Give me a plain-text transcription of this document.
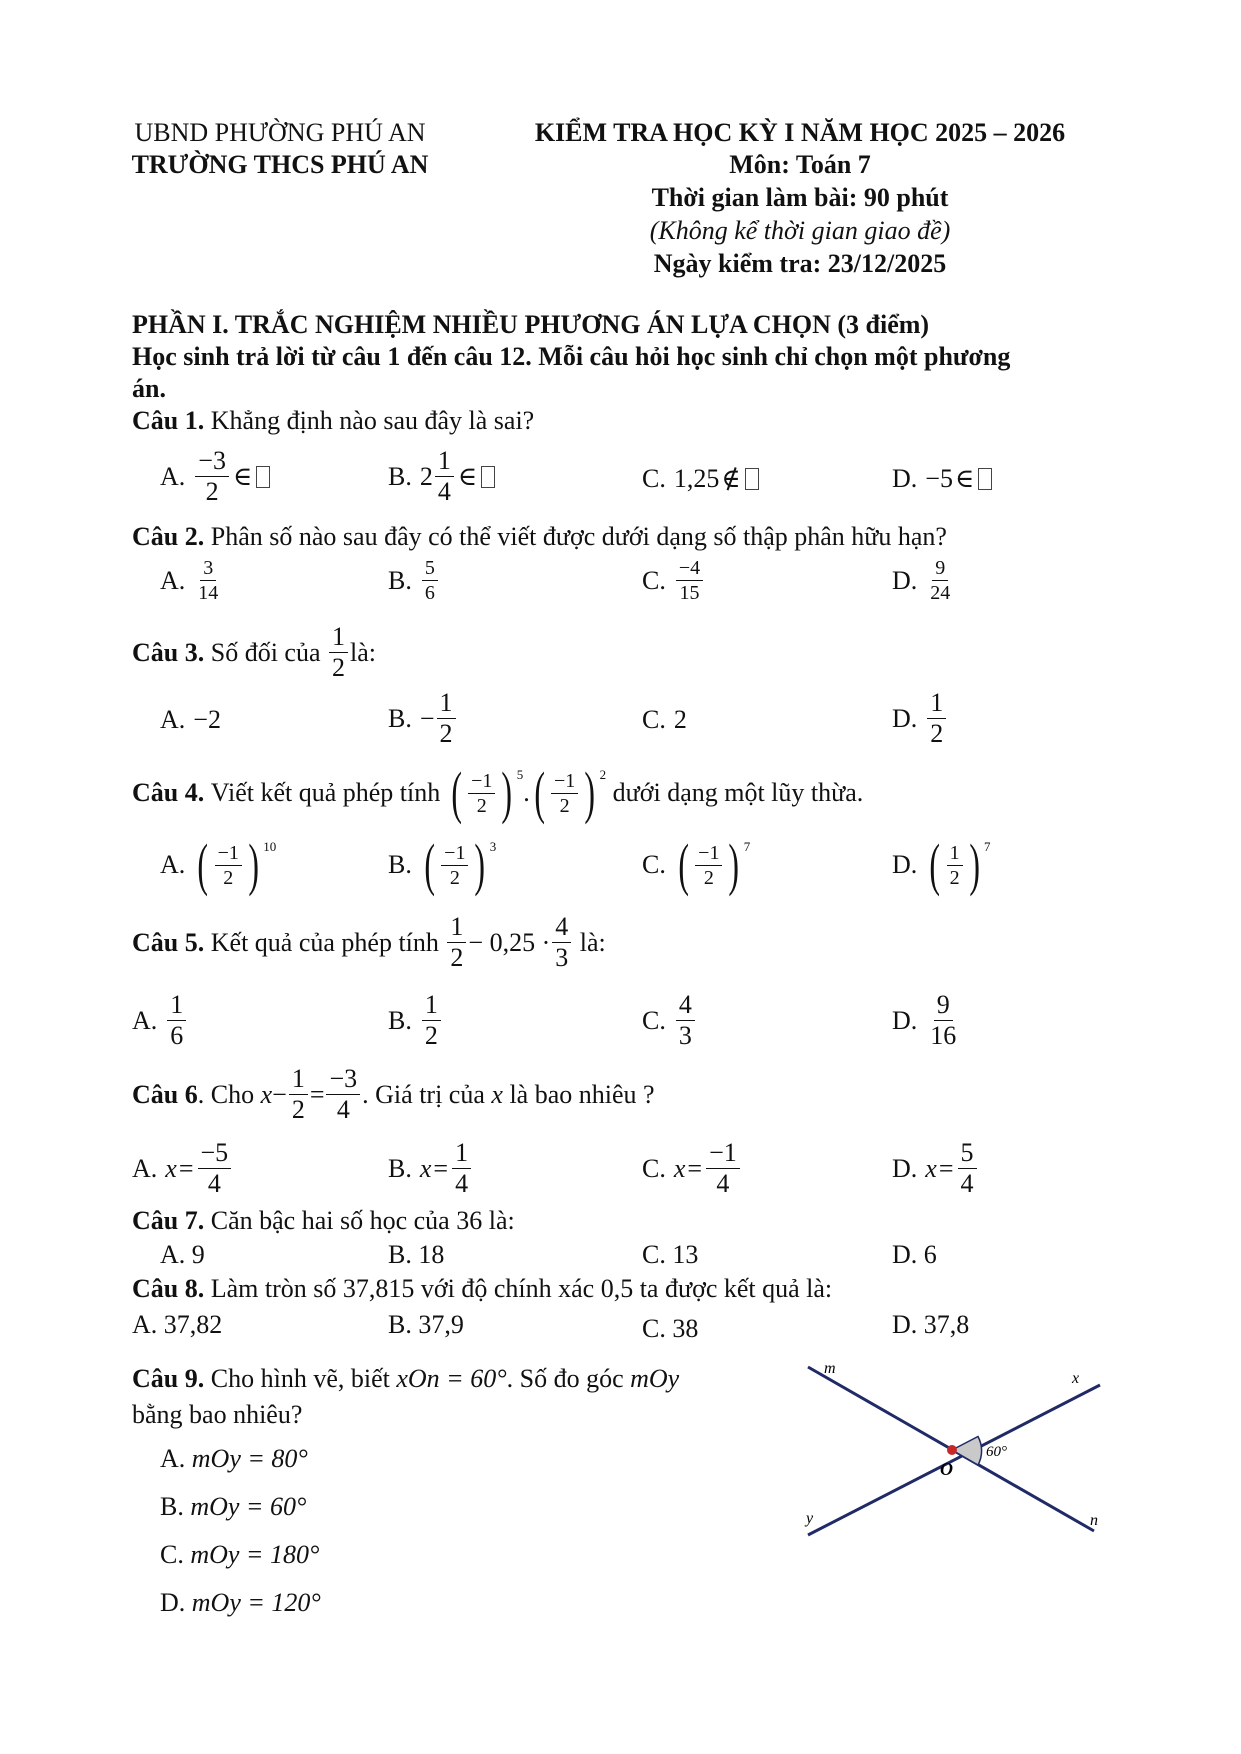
UBND PHƯỜNG PHÚ AN
TRƯỜNG THCS PHÚ AN
KIỂM TRA HỌC KỲ I NĂM HỌC 2025 – 2026
Môn: Toán 7
Thời gian làm bài: 90 phút
(Không kể thời gian giao đề)
Ngày kiểm tra: 23/12/2025
PHẦN I. TRẮC NGHIỆM NHIỀU PHƯƠNG ÁN LỰA CHỌN (3 điểm)
Học sinh trả lời từ câu 1 đến câu 12. Mỗi câu hỏi học sinh chỉ chọn một phương
án.
Câu 1. Khẳng định nào sau đây là sai?
A. $\frac{-3}{2}$ ∈	B. $2 \frac{1}{4}$ ∈	C. 1,25 ∉	D. −5 ∈
Câu 2. Phân số nào sau đây có thể viết được dưới dạng số thập phân hữu hạn?
A. $\frac{3}{14}$	B. $\frac{5}{6}$	C. $\frac{-4}{15}$	D. $\frac{9}{24}$
Câu 3.
Số đối của
$\frac{1}{2}$ là:
A. −2	B. − $\frac{1}{2}$	C. 2	D. $\frac{1}{2}$
Câu 4.
Viết kết quả phép tính
( $\frac{-1}{2}$ ) $^5$
. ( $\frac{-1}{2}$ ) $^2$

dưới dạng một lũy thừa.
A. ( $\frac{-1}{2}$ ) $^{10}$
B. ( $\frac{-1}{2}$ ) $^3$
C. ( $\frac{-1}{2}$ ) $^7$
D. ( $\frac{1}{2}$ ) $^7$
Câu 5.
Kết quả của phép tính
$\frac{1}{2} - 0,25 \cdot \frac{4}{3}$
là:
A. $\frac{1}{6}$	B. $\frac{1}{2}$	C. $\frac{4}{3}$	D. $\frac{9}{16}$
Câu 6 . Cho
$x - \frac{1}{2} = \frac{-3}{4}$ . Giá trị của
x
là bao nhiêu ?
A. $x = \frac{-5}{4}$	B. $x = \frac{1}{4}$	C. $x = \frac{-1}{4}$	D. $x = \frac{5}{4}$
Câu 7. Căn bậc hai số học của 36 là:
A. 9	B. 18	C. 13	D. 6
Câu 8. Làm tròn số 37,815 với độ chính xác 0,5 ta được kết quả là:
A. 37,82	B. 37,9	C. 38	D. 37,8
Câu 9. Cho hình vẽ, biết xOn = 60°. Số đo góc mOy
bằng bao nhiêu?
A. mOy = 80°
B. mOy = 60°
C. mOy = 180°
D. mOy = 120°
m
x
y	n
O
60°
